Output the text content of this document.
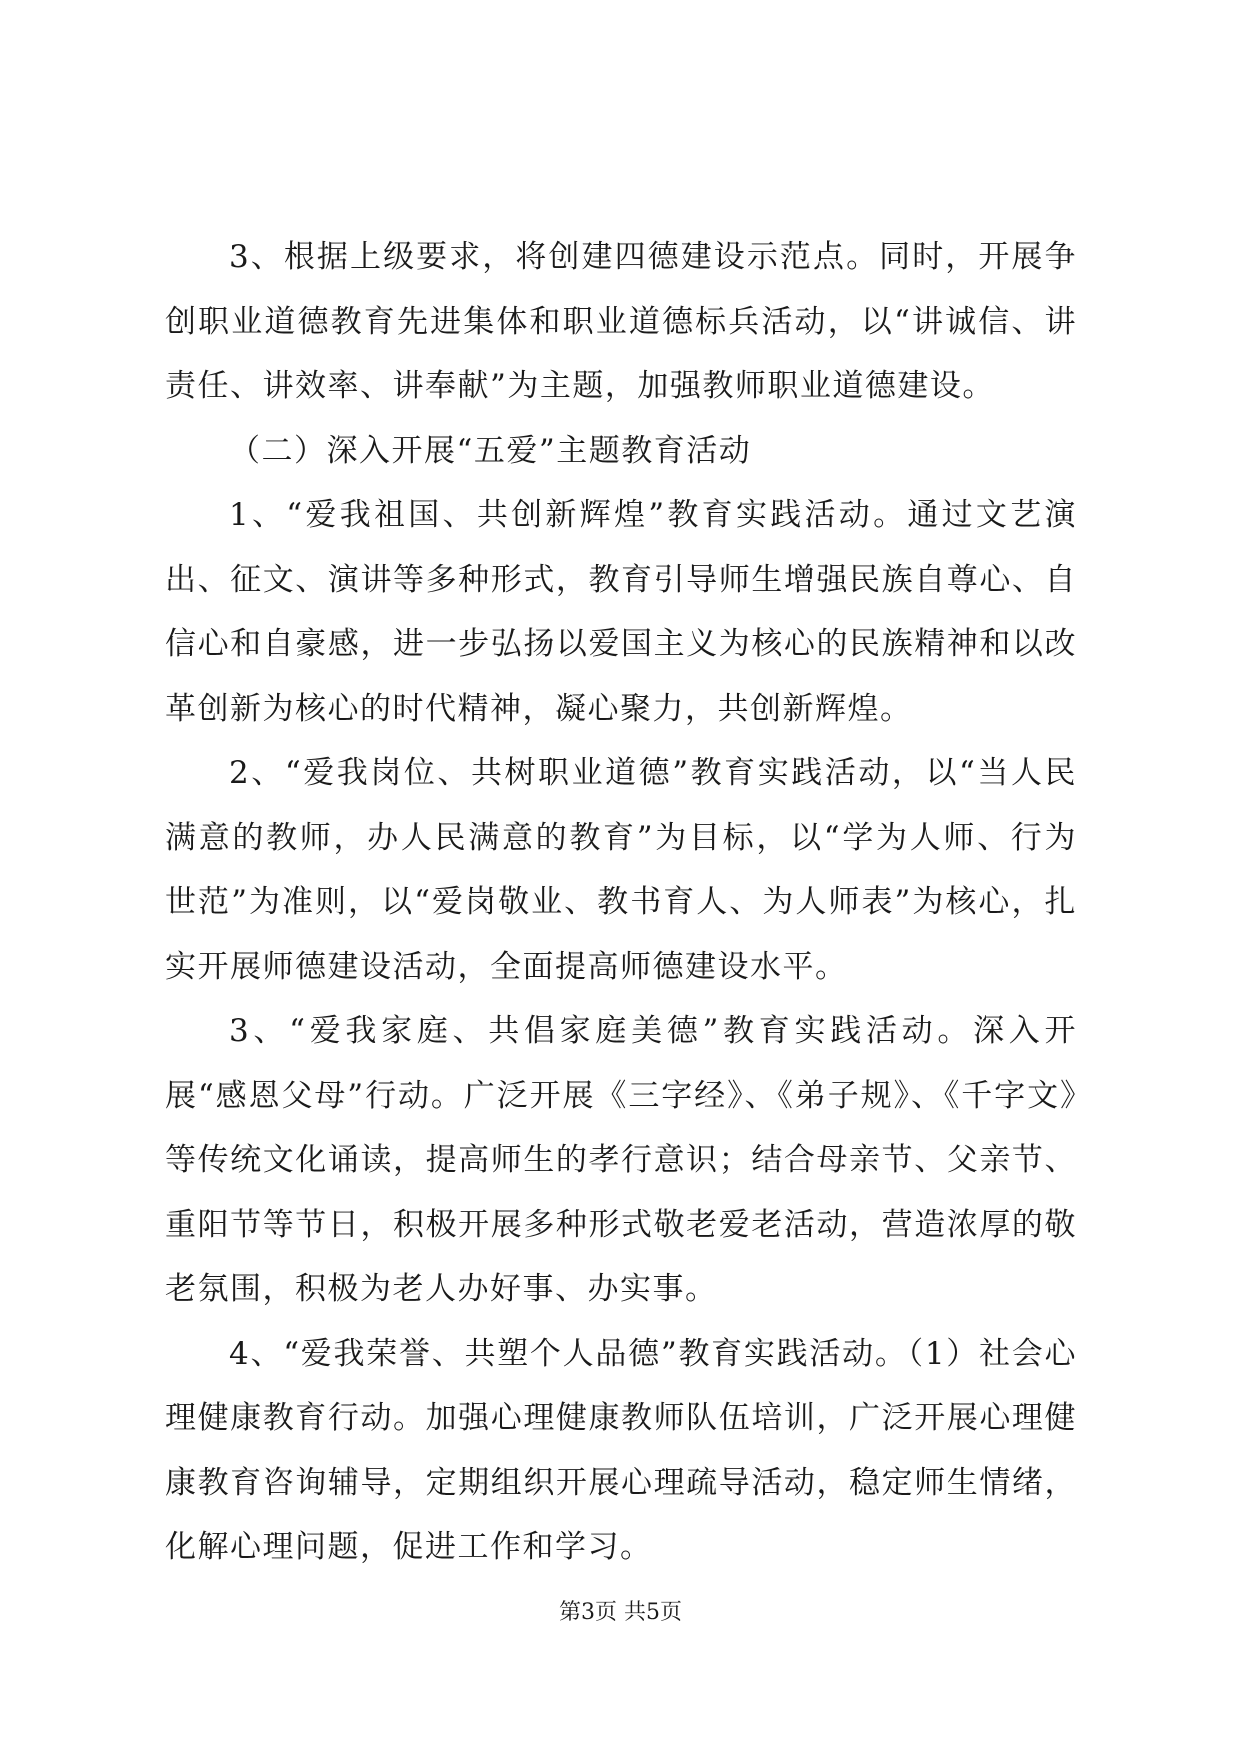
3、根据上级要求，将创建四德建设示范点。同时，开展争创职业道德教育先进集体和职业道德标兵活动，以“讲诚信、讲责任、讲效率、讲奉献”为主题，加强教师职业道德建设。

（二）深入开展“五爱”主题教育活动

1、“爱我祖国、共创新辉煌”教育实践活动。通过文艺演出、征文、演讲等多种形式，教育引导师生增强民族自尊心、自信心和自豪感，进一步弘扬以爱国主义为核心的民族精神和以改革创新为核心的时代精神，凝心聚力，共创新辉煌。

2、“爱我岗位、共树职业道德”教育实践活动，以“当人民满意的教师，办人民满意的教育”为目标，以“学为人师、行为世范”为准则，以“爱岗敬业、教书育人、为人师表”为核心，扎实开展师德建设活动，全面提高师德建设水平。

3、“爱我家庭、共倡家庭美德”教育实践活动。深入开展“感恩父母”行动。广泛开展《三字经》、《弟子规》、《千字文》等传统文化诵读，提高师生的孝行意识；结合母亲节、父亲节、重阳节等节日，积极开展多种形式敬老爱老活动，营造浓厚的敬老氛围，积极为老人办好事、办实事。

4、“爱我荣誉、共塑个人品德”教育实践活动。（1）社会心理健康教育行动。加强心理健康教师队伍培训，广泛开展心理健康教育咨询辅导，定期组织开展心理疏导活动，稳定师生情绪，化解心理问题，促进工作和学习。

第3页 共5页
